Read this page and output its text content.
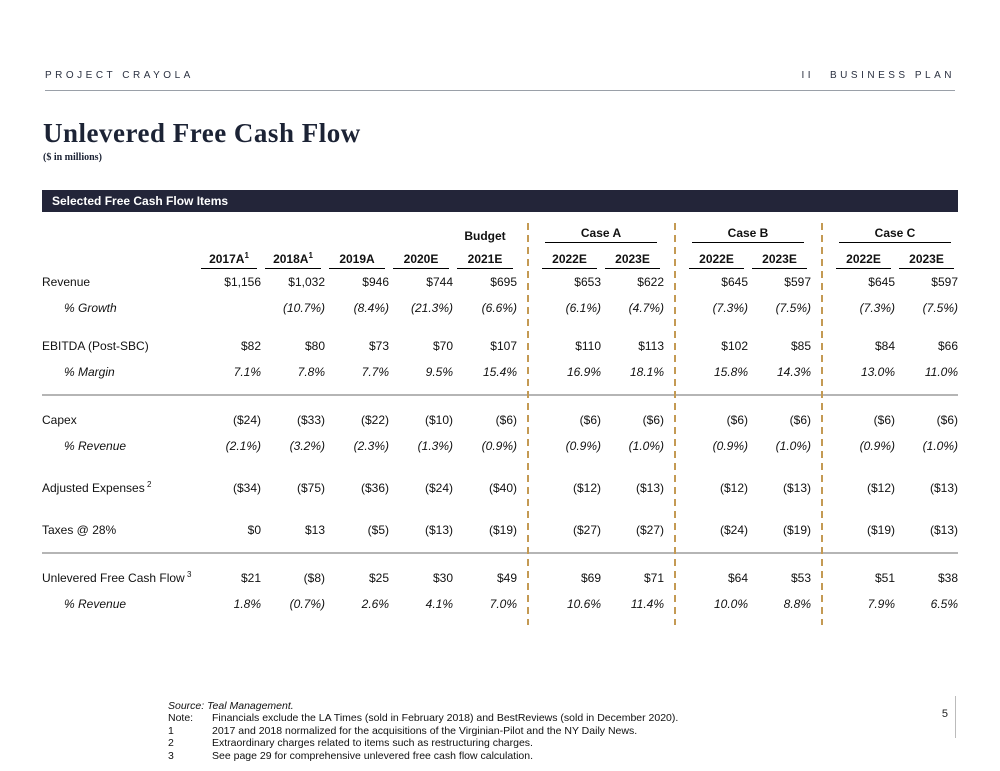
PROJECT CRAYOLA	II BUSINESS PLAN
Unlevered Free Cash Flow
($ in millions)
Selected Free Cash Flow Items
					Budget		Case A			Case B			Case C	

	$2017A^1$	$2018A^1$	2019A	2020E	2021E		2022E	2023E		2022E	2023E		2022E	2023E

Revenue	$1,156	$1,032	$946	$744	$695		$653	$622		$645	$597		$645	$597
% Growth		(10.7%)	(8.4%)	(21.3%)	(6.6%)		(6.1%)	(4.7%)		(7.3%)	(7.5%)		(7.3%)	(7.5%)

EBITDA (Post-SBC)	$82	$80	$73	$70	$107		$110	$113		$102	$85		$84	$66
% Margin	7.1%	7.8%	7.7%	9.5%	15.4%		16.9%	18.1%		15.8%	14.3%		13.0%	11.0%

Capex	($24)	($33)	($22)	($10)	($6)		($6)	($6)		($6)	($6)		($6)	($6)
% Revenue	(2.1%)	(3.2%)	(2.3%)	(1.3%)	(0.9%)		(0.9%)	(1.0%)		(0.9%)	(1.0%)		(0.9%)	(1.0%)

Adjusted Expenses $^2$	($34)	($75)	($36)	($24)	($40)		($12)	($13)		($12)	($13)		($12)	($13)

Taxes @ 28%	$0	$13	($5)	($13)	($19)		($27)	($27)		($24)	($19)		($19)	($13)

Unlevered Free Cash Flow $^3$	$21	($8)	$25	$30	$49		$69	$71		$64	$53		$51	$38
% Revenue	1.8%	(0.7%)	2.6%	4.1%	7.0%		10.6%	11.4%		10.0%	8.8%		7.9%	6.5%
Source: Teal Management.
Note:	Financials exclude the LA Times (sold in February 2018) and BestReviews (sold in December 2020).
1	2017 and 2018 normalized for the acquisitions of the Virginian-Pilot and the NY Daily News.
2	Extraordinary charges related to items such as restructuring charges.
3	See page 29 for comprehensive unlevered free cash flow calculation.
5
